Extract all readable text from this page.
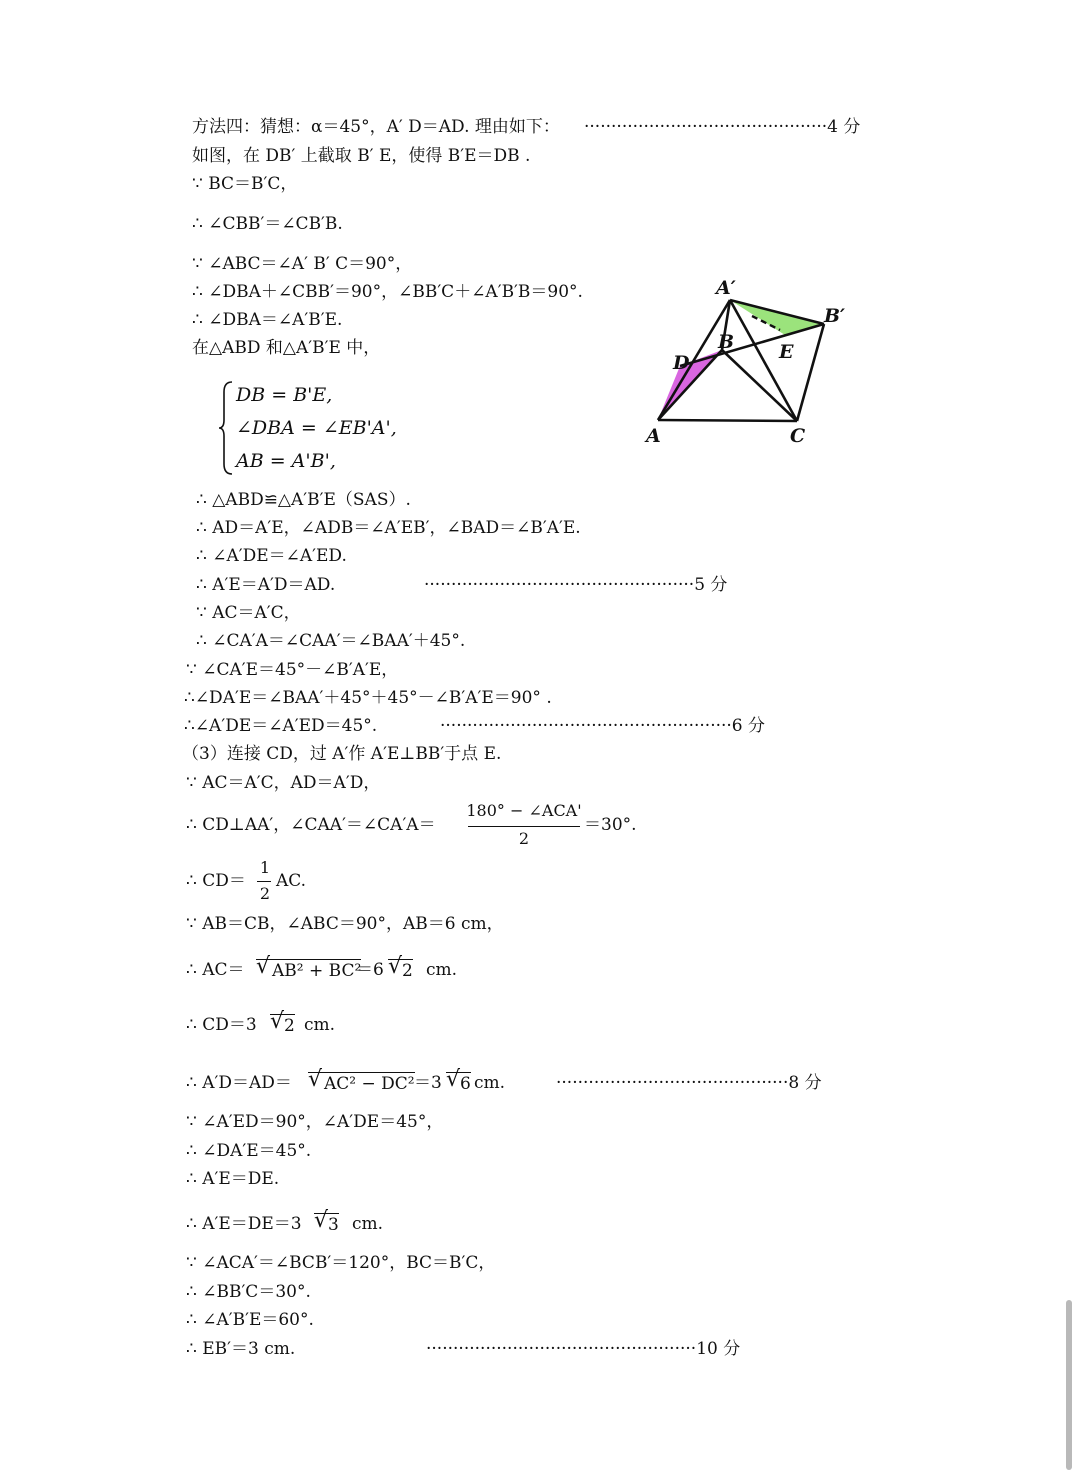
方法四：猜想：α＝45°，A′ D＝AD. 理由如下： ·············································4 分
如图，在 DB′ 上截取 B′ E，使得 B′E＝DB .
∵ BC＝B′C，
∴ ∠CBB′＝∠CB′B.
∵ ∠ABC＝∠A′ B′ C＝90°，
∴ ∠DBA＋∠CBB′＝90°，∠BB′C＋∠A′B′B＝90°.
∴ ∠DBA＝∠A′B′E.
在△ABD 和△A′B′E 中，
DB = B'E,
∠DBA = ∠EB'A',
AB = A'B',
∴ △ABD≌△A′B′E（SAS）.
∴ AD＝A′E，∠ADB＝∠A′EB′，∠BAD＝∠B′A′E.
∴ ∠A′DE＝∠A′ED.
∴ A′E＝A′D＝AD.	··················································5 分
∵ AC＝A′C，
∴ ∠CA′A＝∠CAA′＝∠BAA′＋45°.
∵ ∠CA′E＝45°－∠B′A′E，
∴∠DA′E＝∠BAA′＋45°＋45°－∠B′A′E＝90° .
∴∠A′DE＝∠A′ED＝45°.	······················································6 分
A′
B′
B E
D
A	C
（3）连接 CD，过 A′作 A′E⊥BB′于点 E.
∵ AC＝A′C，AD＝A′D，
∴ CD⊥AA′，∠CAA′＝∠CA′A＝
180° − ∠ACA'
2
＝30°.
∴ CD＝
1
2
AC.
∵ AB＝CB，∠ABC＝90°，AB＝6 cm，
∴ AC＝ √ AB² + BC²
＝6 √ 2 cm.
∴ CD＝3 √ 2 cm.
∴ A′D＝AD＝ √ AC² − DC² ＝3 √ 6 cm.	···········································8 分
∵ ∠A′ED＝90°，∠A′DE＝45°，
∴ ∠DA′E＝45°.
∴ A′E＝DE.
∴ A′E＝DE＝3 √ 3 cm.
∵ ∠ACA′＝∠BCB′＝120°，BC＝B′C，
∴ ∠BB′C＝30°.
∴ ∠A′B′E＝60°.
∴ EB′＝3 cm.	··················································10 分
